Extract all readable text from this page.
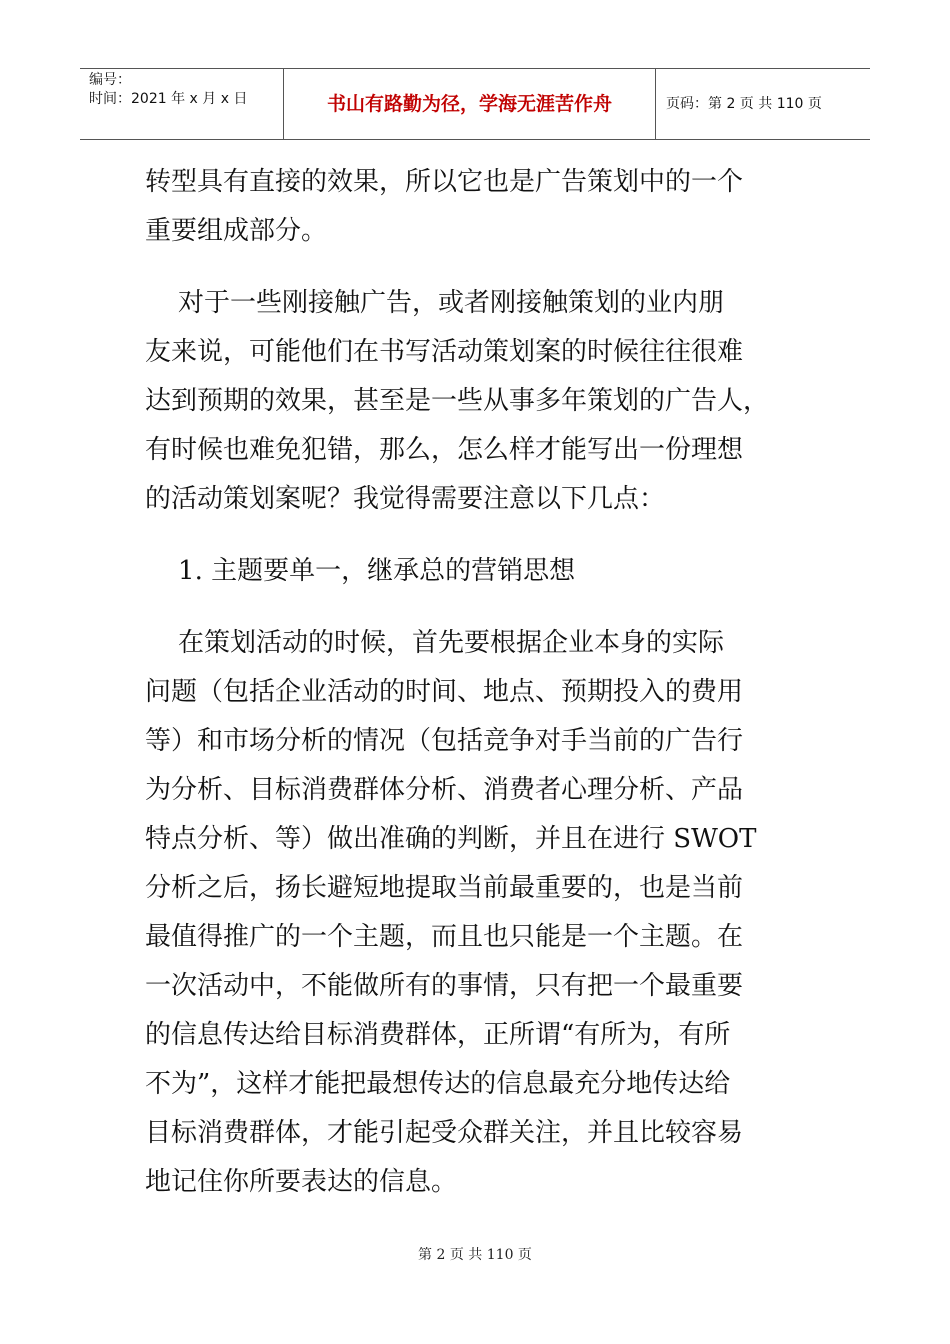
编号：
时间：2021 年 x 月 x 日	书山有路勤为径，学海无涯苦作舟	页码：第 2 页 共 110 页

转型具有直接的效果，所以它也是广告策划中的一个

重要组成部分。

对于一些刚接触广告，或者刚接触策划的业内朋

友来说，可能他们在书写活动策划案的时候往往很难

达到预期的效果，甚至是一些从事多年策划的广告人，

有时候也难免犯错，那么，怎么样才能写出一份理想

的活动策划案呢？我觉得需要注意以下几点：

1. 主题要单一，继承总的营销思想

在策划活动的时候，首先要根据企业本身的实际

问题（包括企业活动的时间、地点、预期投入的费用

等）和市场分析的情况（包括竞争对手当前的广告行

为分析、目标消费群体分析、消费者心理分析、产品

特点分析、等）做出准确的判断，并且在进行 SWOT

分析之后，扬长避短地提取当前最重要的，也是当前

最值得推广的一个主题，而且也只能是一个主题。在

一次活动中，不能做所有的事情，只有把一个最重要

的信息传达给目标消费群体，正所谓“有所为，有所

不为”，这样才能把最想传达的信息最充分地传达给

目标消费群体，才能引起受众群关注，并且比较容易

地记住你所要表达的信息。

第 2 页 共 110 页
